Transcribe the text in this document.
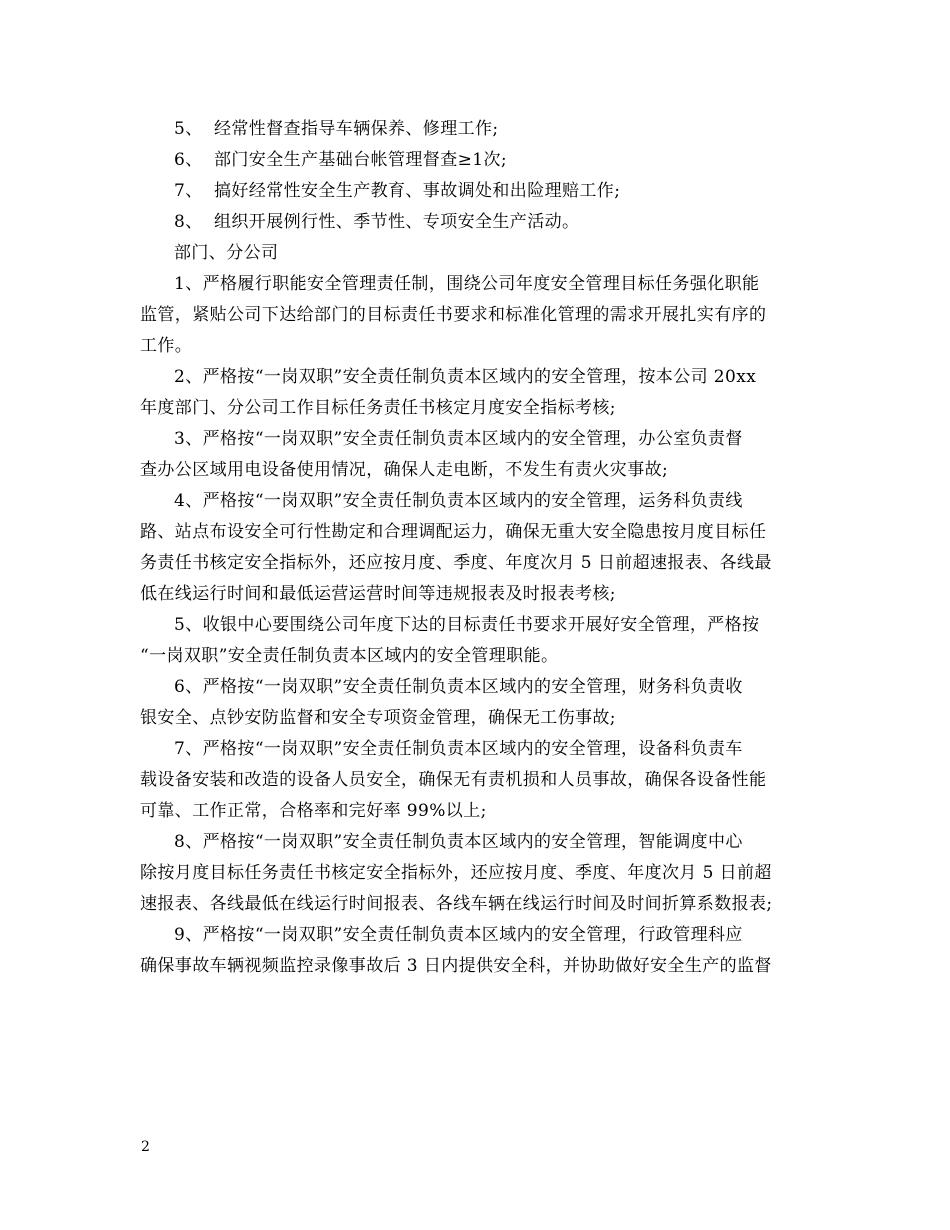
5、 经常性督查指导车辆保养、修理工作;
6、 部门安全生产基础台帐管理督查≥1次;
7、 搞好经常性安全生产教育、事故调处和出险理赔工作;
8、 组织开展例行性、季节性、专项安全生产活动。
部门、分公司
1、严格履行职能安全管理责任制，围绕公司年度安全管理目标任务强化职能
监管，紧贴公司下达给部门的目标责任书要求和标准化管理的需求开展扎实有序的
工作。
2、严格按“一岗双职”安全责任制负责本区域内的安全管理，按本公司 20xx
年度部门、分公司工作目标任务责任书核定月度安全指标考核;
3、严格按“一岗双职”安全责任制负责本区域内的安全管理，办公室负责督
查办公区域用电设备使用情况，确保人走电断，不发生有责火灾事故;
4、严格按“一岗双职”安全责任制负责本区域内的安全管理，运务科负责线
路、站点布设安全可行性勘定和合理调配运力，确保无重大安全隐患按月度目标任
务责任书核定安全指标外，还应按月度、季度、年度次月 5 日前超速报表、各线最
低在线运行时间和最低运营运营时间等违规报表及时报表考核;
5、收银中心要围绕公司年度下达的目标责任书要求开展好安全管理，严格按
“一岗双职”安全责任制负责本区域内的安全管理职能。
6、严格按“一岗双职”安全责任制负责本区域内的安全管理，财务科负责收
银安全、点钞安防监督和安全专项资金管理，确保无工伤事故;
7、严格按“一岗双职”安全责任制负责本区域内的安全管理，设备科负责车
载设备安装和改造的设备人员安全，确保无有责机损和人员事故，确保各设备性能
可靠、工作正常，合格率和完好率 99%以上;
8、严格按“一岗双职”安全责任制负责本区域内的安全管理，智能调度中心
除按月度目标任务责任书核定安全指标外，还应按月度、季度、年度次月 5 日前超
速报表、各线最低在线运行时间报表、各线车辆在线运行时间及时间折算系数报表;
9、严格按“一岗双职”安全责任制负责本区域内的安全管理，行政管理科应
确保事故车辆视频监控录像事故后 3 日内提供安全科，并协助做好安全生产的监督
2
